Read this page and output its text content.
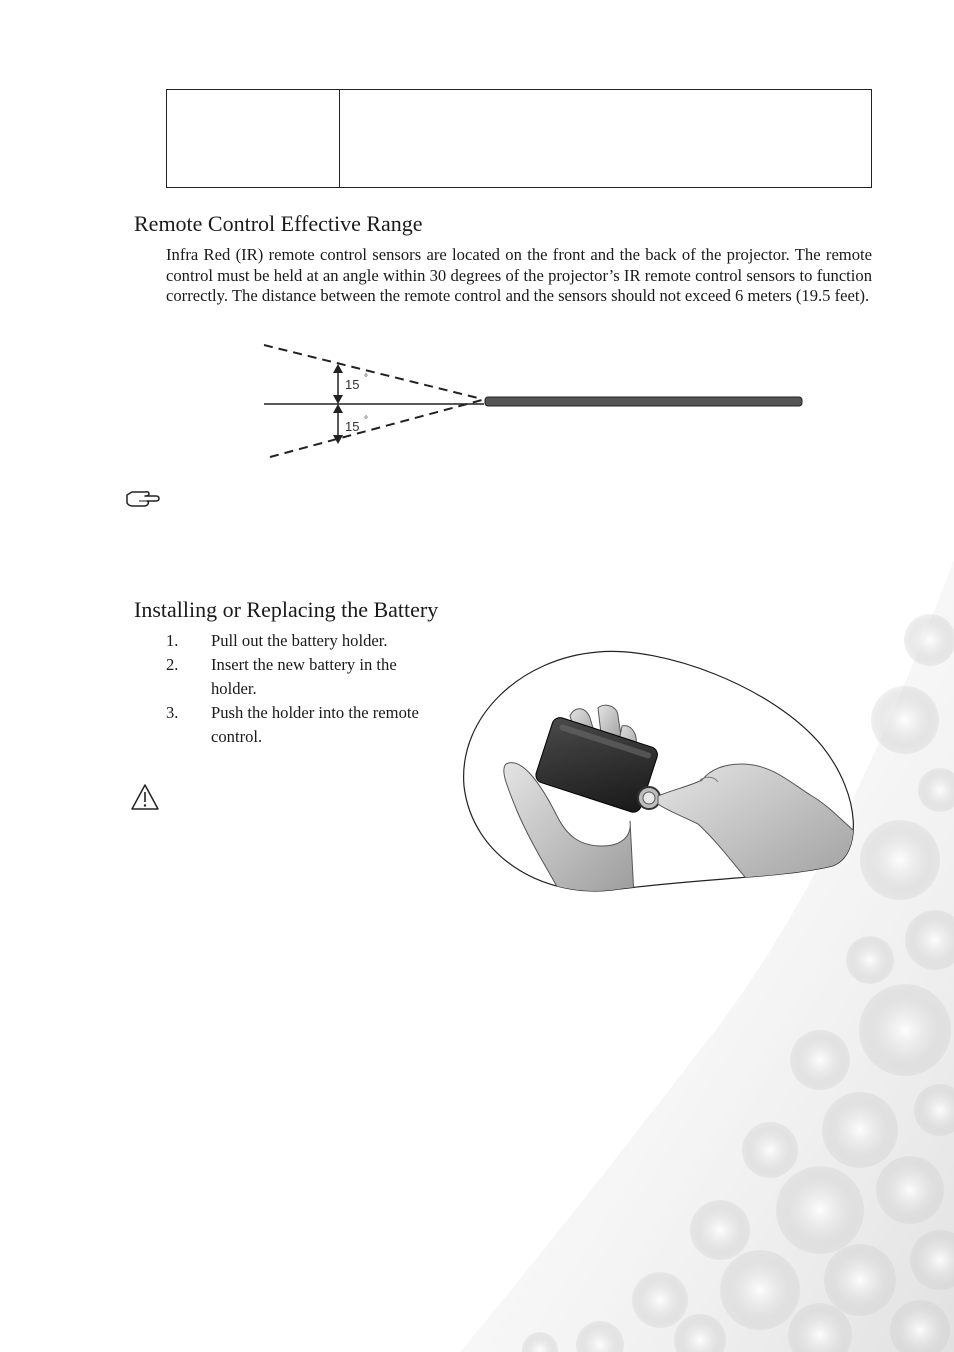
Remote Control Effective Range

Infra Red (IR) remote control sensors are located on the front and the back of the projector. The remote control must be held at an angle within 30 degrees of the projector’s IR remote control sensors to function correctly. The distance between the remote control and the sensors should not exceed 6 meters (19.5 feet).

15 °
15 °
Installing or Replacing the Battery
1. Pull out the battery holder.
2. Insert the new battery in the holder.
3. Push the holder into the remote control.
